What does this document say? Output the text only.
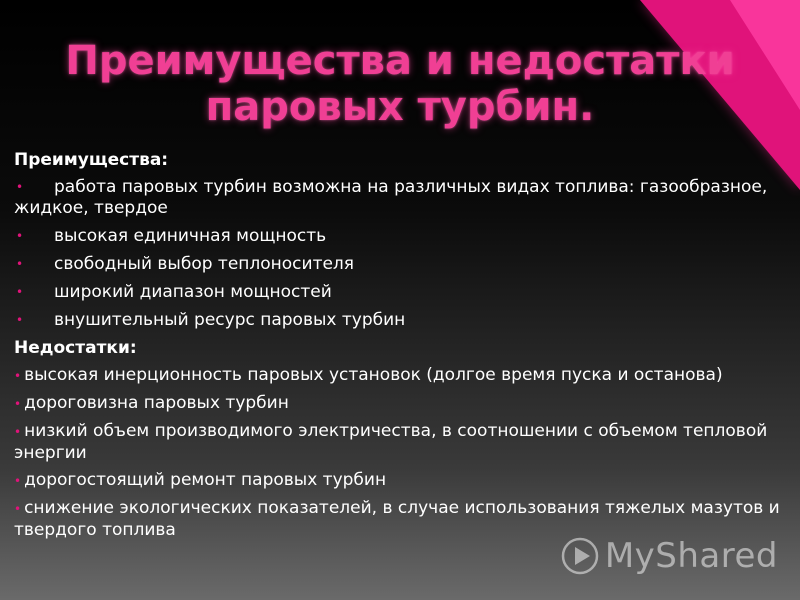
Преимущества и недостатки паровых турбин.
Преимущества:
• работа паровых турбин возможна на различных видах топлива: газообразное, жидкое, твердое
• высокая единичная мощность
• свободный выбор теплоносителя
• широкий диапазон мощностей
• внушительный ресурс паровых турбин
Недостатки:
• высокая инерционность паровых установок (долгое время пуска и останова)
• дороговизна паровых турбин
• низкий объем производимого электричества, в соотношении с объемом тепловой энергии
• дорогостоящий ремонт паровых турбин
• снижение экологических показателей, в случае использования тяжелых мазутов и твердого топлива
MyShared
